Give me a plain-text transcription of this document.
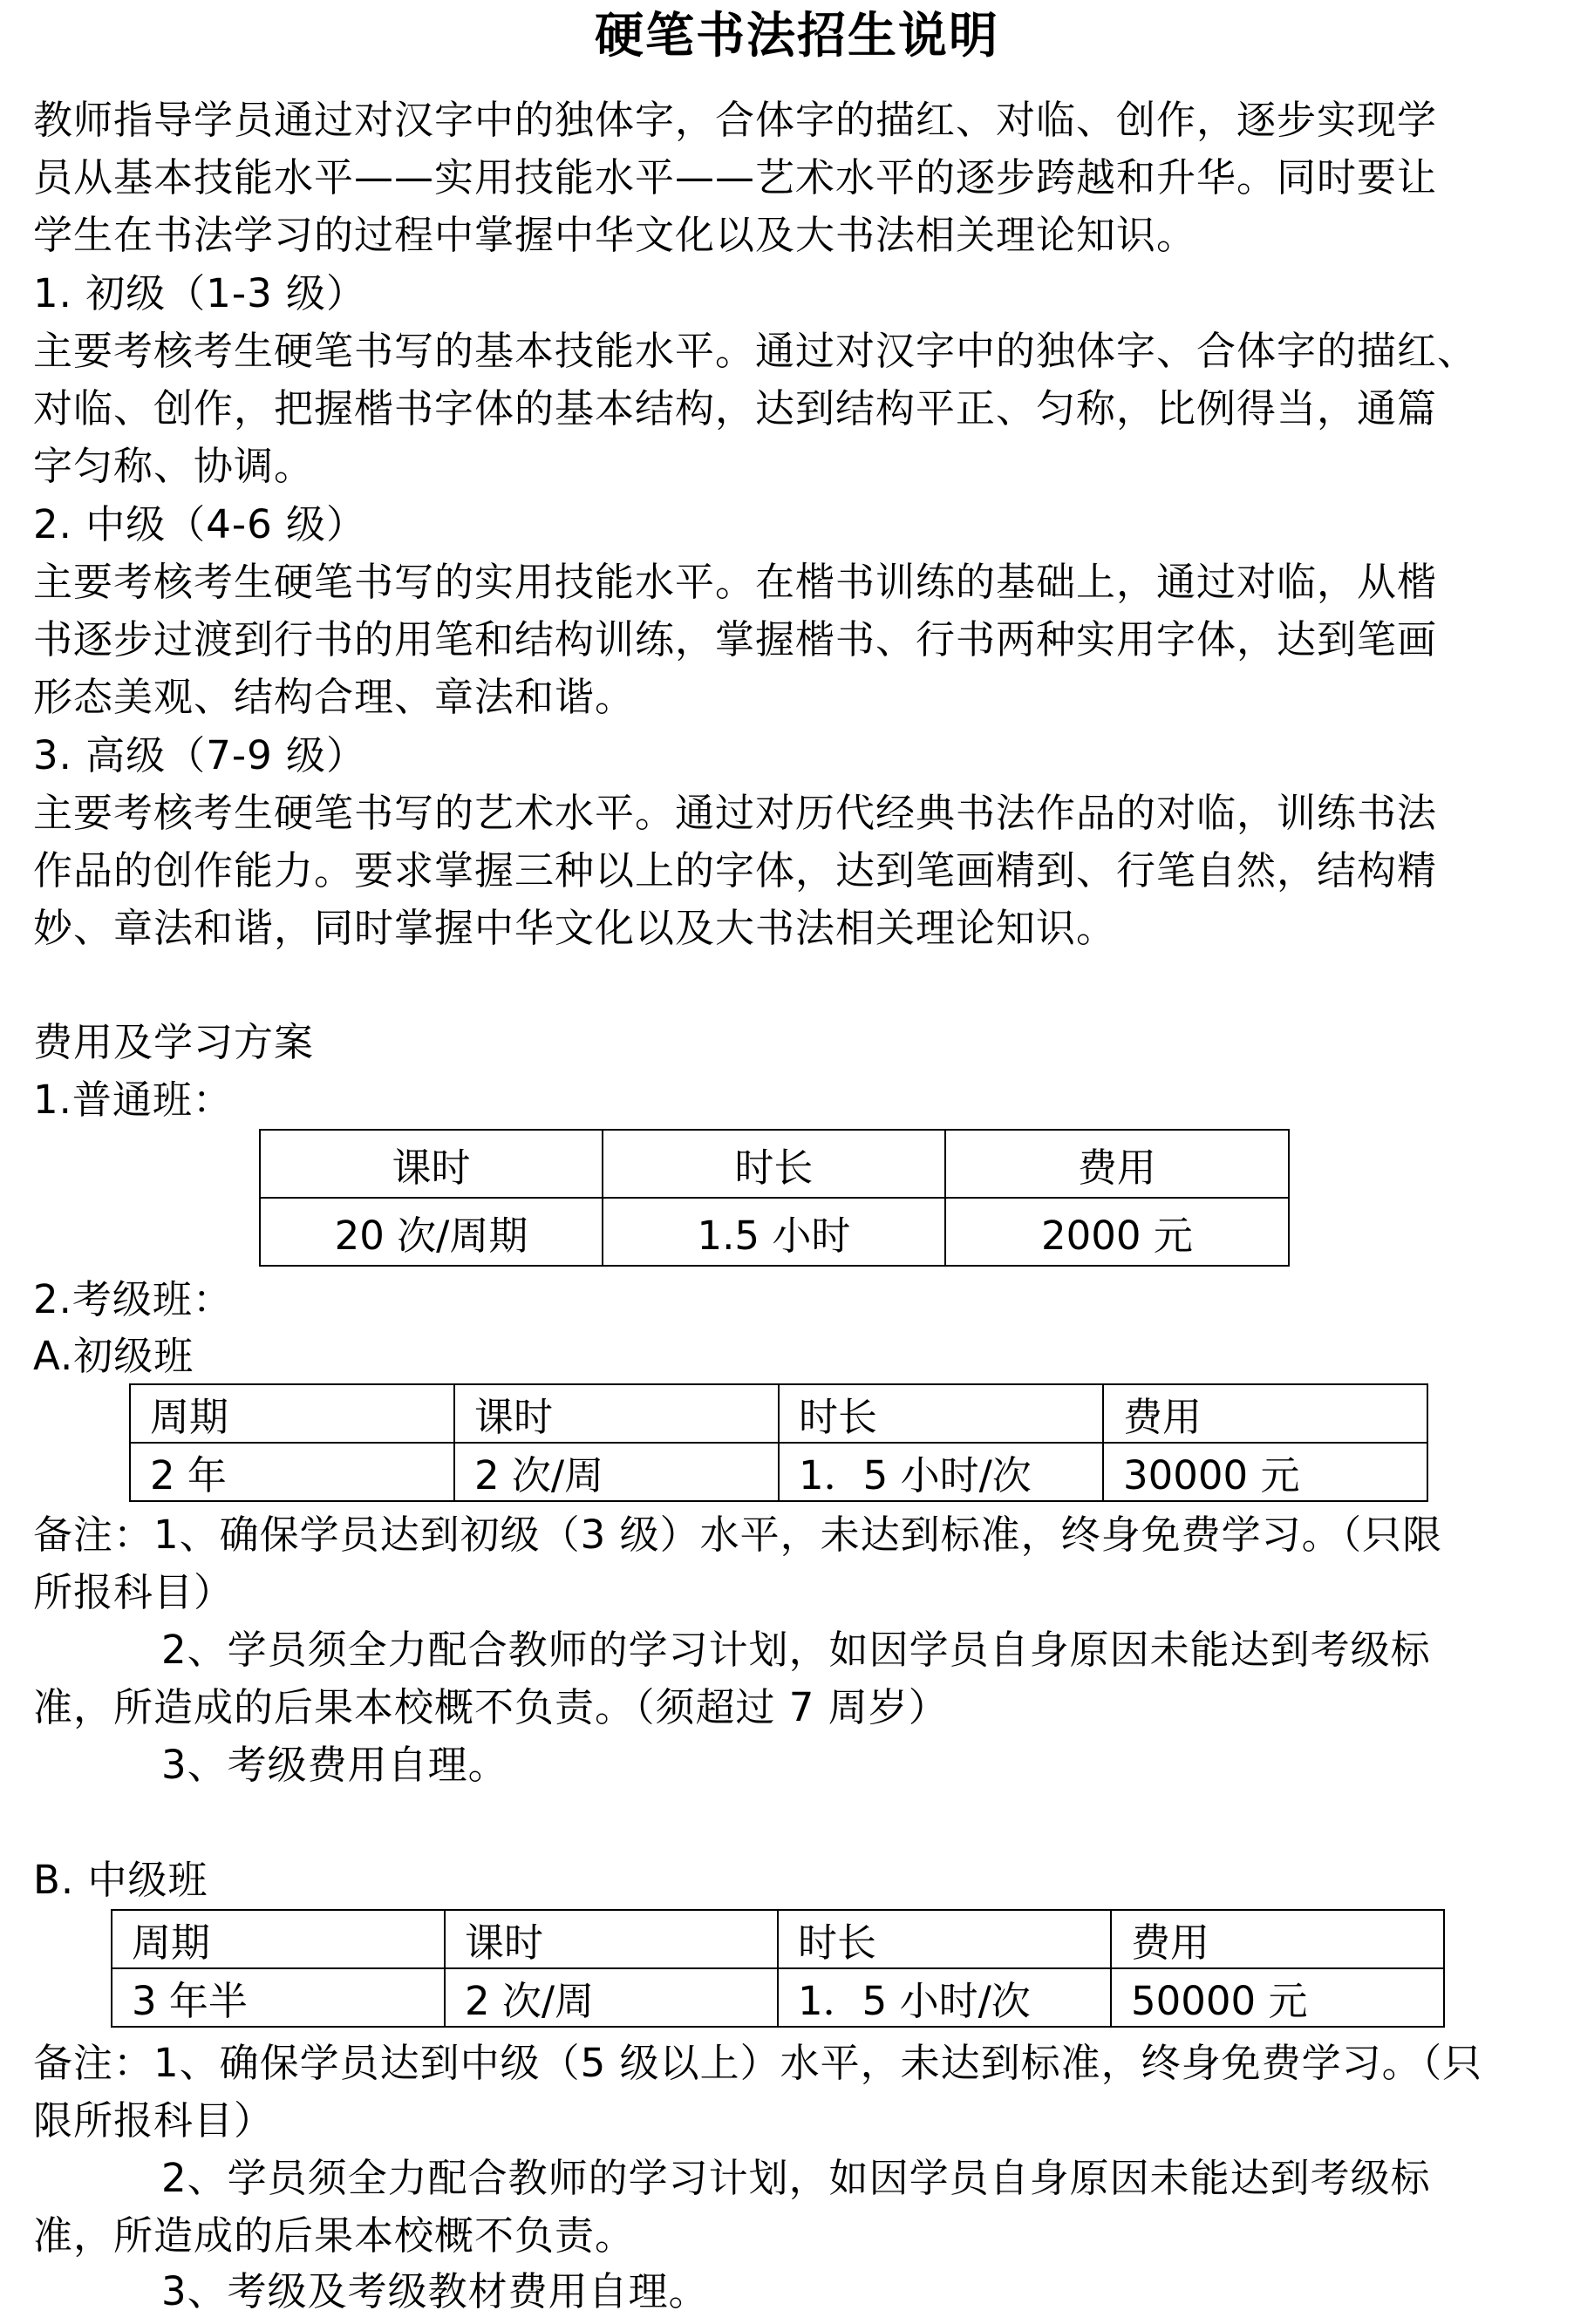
硬笔书法招生说明
教师指导学员通过对汉字中的独体字，合体字的描红、对临、创作，逐步实现学
员从基本技能水平——实用技能水平——艺术水平的逐步跨越和升华。同时要让
学生在书法学习的过程中掌握中华文化以及大书法相关理论知识。
1. 初级（1-3 级）
主要考核考生硬笔书写的基本技能水平。通过对汉字中的独体字、合体字的描红、
对临、创作，把握楷书字体的基本结构，达到结构平正、匀称，比例得当，通篇
字匀称、协调。
2. 中级（4-6 级）
主要考核考生硬笔书写的实用技能水平。在楷书训练的基础上，通过对临，从楷
书逐步过渡到行书的用笔和结构训练，掌握楷书、行书两种实用字体，达到笔画
形态美观、结构合理、章法和谐。
3. 高级（7-9 级）
主要考核考生硬笔书写的艺术水平。通过对历代经典书法作品的对临，训练书法
作品的创作能力。要求掌握三种以上的字体，达到笔画精到、行笔自然，结构精
妙、章法和谐，同时掌握中华文化以及大书法相关理论知识。
费用及学习方案
1.普通班：
课时	时长	费用
20 次/周期	1.5 小时	2000 元
2.考级班：
A.初级班
周期	课时	时长	费用
2 年	2 次/周	1．5 小时/次	30000 元
备注：1、确保学员达到初级（3 级）水平，未达到标准，终身免费学习。（只限
所报科目）
2、学员须全力配合教师的学习计划，如因学员自身原因未能达到考级标
准，所造成的后果本校概不负责。（须超过 7 周岁）
3、考级费用自理。
B. 中级班
周期	课时	时长	费用
3 年半	2 次/周	1．5 小时/次	50000 元
备注：1、确保学员达到中级（5 级以上）水平，未达到标准，终身免费学习。（只
限所报科目）
2、学员须全力配合教师的学习计划，如因学员自身原因未能达到考级标
准，所造成的后果本校概不负责。
3、考级及考级教材费用自理。
